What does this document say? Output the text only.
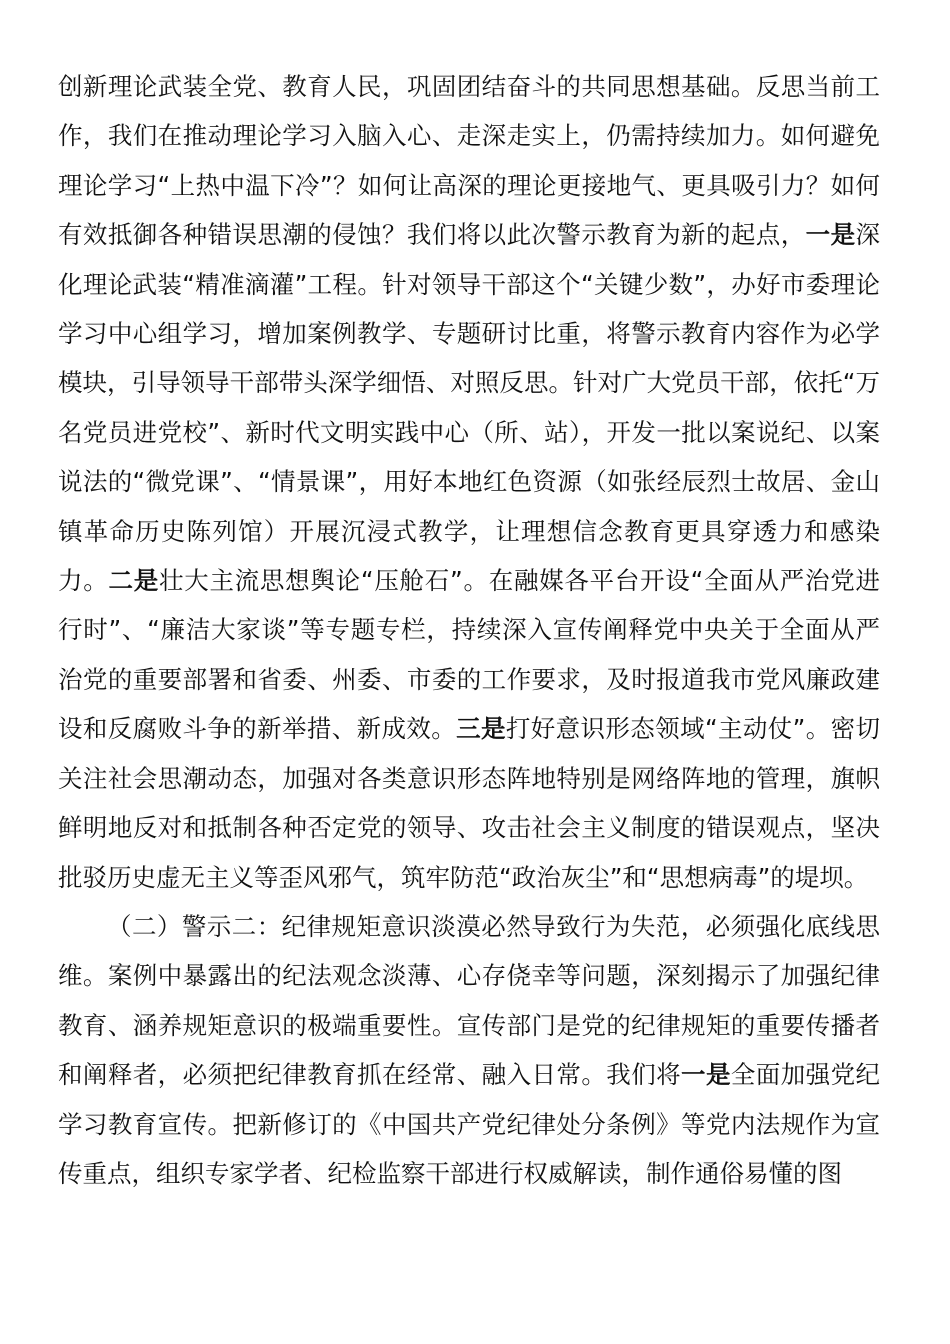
创新理论武装全党、教育人民，巩固团结奋斗的共同思想基础。反思当前工作，我们在推动理论学习入脑入心、走深走实上，仍需持续加力。如何避免理论学习“上热中温下冷”？如何让高深的理论更接地气、更具吸引力？如何有效抵御各种错误思潮的侵蚀？我们将以此次警示教育为新的起点，一是深化理论武装“精准滴灌”工程。针对领导干部这个“关键少数”，办好市委理论学习中心组学习，增加案例教学、专题研讨比重，将警示教育内容作为必学模块，引导领导干部带头深学细悟、对照反思。针对广大党员干部，依托“万名党员进党校”、新时代文明实践中心（所、站），开发一批以案说纪、以案说法的“微党课”、“情景课”，用好本地红色资源（如张经辰烈士故居、金山镇革命历史陈列馆）开展沉浸式教学，让理想信念教育更具穿透力和感染力。二是壮大主流思想舆论“压舱石”。在融媒各平台开设“全面从严治党进行时”、“廉洁大家谈”等专题专栏，持续深入宣传阐释党中央关于全面从严治党的重要部署和省委、州委、市委的工作要求，及时报道我市党风廉政建设和反腐败斗争的新举措、新成效。三是打好意识形态领域“主动仗”。密切关注社会思潮动态，加强对各类意识形态阵地特别是网络阵地的管理，旗帜鲜明地反对和抵制各种否定党的领导、攻击社会主义制度的错误观点，坚决批驳历史虚无主义等歪风邪气，筑牢防范“政治灰尘”和“思想病毒”的堤坝。

（二）警示二：纪律规矩意识淡漠必然导致行为失范，必须强化底线思维。案例中暴露出的纪法观念淡薄、心存侥幸等问题，深刻揭示了加强纪律教育、涵养规矩意识的极端重要性。宣传部门是党的纪律规矩的重要传播者和阐释者，必须把纪律教育抓在经常、融入日常。我们将一是全面加强党纪学习教育宣传。把新修订的《中国共产党纪律处分条例》等党内法规作为宣传重点，组织专家学者、纪检监察干部进行权威解读，制作通俗易懂的图
